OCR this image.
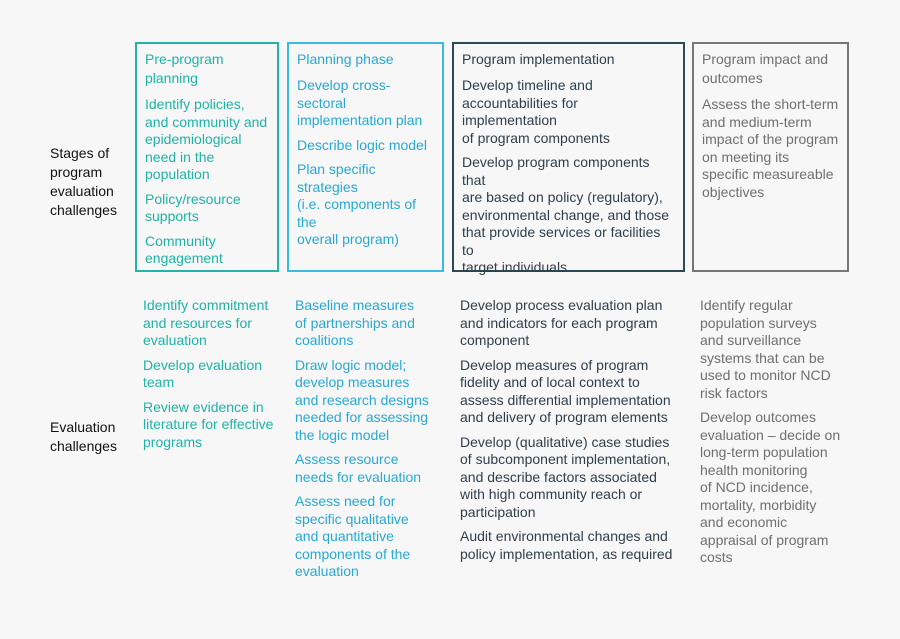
Stages of
program
evaluation
challenges
Evaluation
challenges
Pre-program
planning
Identify policies,
and community and
epidemiological
need in the
population
Policy/resource
supports
Community
engagement
Planning phase
Develop cross-sectoral
implementation plan
Describe logic model
Plan specific strategies
(i.e. components of the
overall program)
Program implementation
Develop timeline and
accountabilities for implementation
of program components
Develop program components that
are based on policy (regulatory),
environmental change, and those
that provide services or facilities to
target individuals
Program impact and
outcomes
Assess the short-term
and medium-term
impact of the program
on meeting its
specific measureable
objectives
Identify commitment
and resources for
evaluation
Develop evaluation
team
Review evidence in
literature for effective
programs
Baseline measures
of partnerships and
coalitions
Draw logic model;
develop measures
and research designs
needed for assessing
the logic model
Assess resource
needs for evaluation
Assess need for
specific qualitative
and quantitative
components of the
evaluation
Develop process evaluation plan
and indicators for each program
component
Develop measures of program
fidelity and of local context to
assess differential implementation
and delivery of program elements
Develop (qualitative) case studies
of subcomponent implementation,
and describe factors associated
with high community reach or
participation
Audit environmental changes and
policy implementation, as required
Identify regular
population surveys
and surveillance
systems that can be
used to monitor NCD
risk factors
Develop outcomes
evaluation – decide on
long-term population
health monitoring
of NCD incidence,
mortality, morbidity
and economic
appraisal of program
costs
